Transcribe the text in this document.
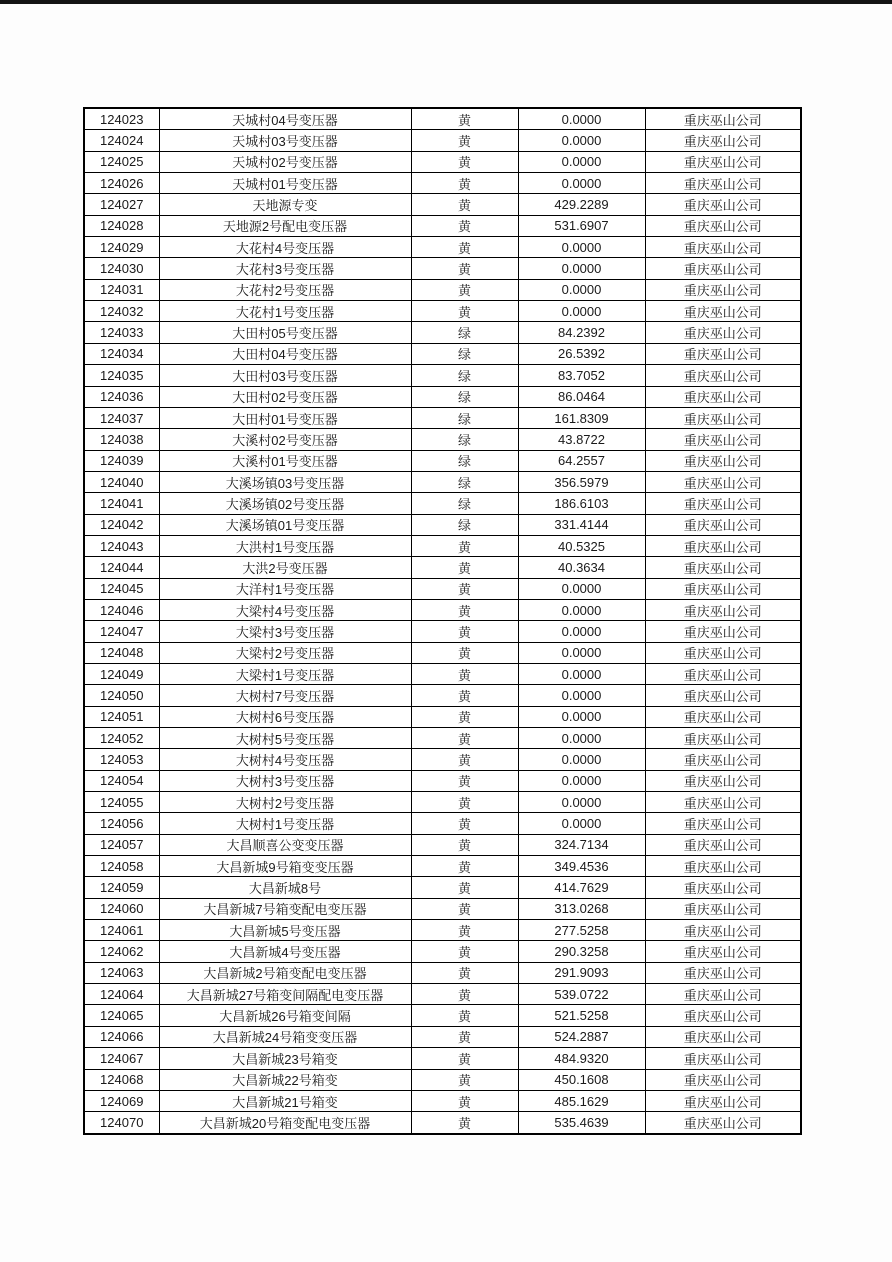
124023	天城村04号变压器	黄	0.0000	重庆巫山公司
124024	天城村03号变压器	黄	0.0000	重庆巫山公司
124025	天城村02号变压器	黄	0.0000	重庆巫山公司
124026	天城村01号变压器	黄	0.0000	重庆巫山公司
124027	天地源专变	黄	429.2289	重庆巫山公司
124028	天地源2号配电变压器	黄	531.6907	重庆巫山公司
124029	大花村4号变压器	黄	0.0000	重庆巫山公司
124030	大花村3号变压器	黄	0.0000	重庆巫山公司
124031	大花村2号变压器	黄	0.0000	重庆巫山公司
124032	大花村1号变压器	黄	0.0000	重庆巫山公司
124033	大田村05号变压器	绿	84.2392	重庆巫山公司
124034	大田村04号变压器	绿	26.5392	重庆巫山公司
124035	大田村03号变压器	绿	83.7052	重庆巫山公司
124036	大田村02号变压器	绿	86.0464	重庆巫山公司
124037	大田村01号变压器	绿	161.8309	重庆巫山公司
124038	大溪村02号变压器	绿	43.8722	重庆巫山公司
124039	大溪村01号变压器	绿	64.2557	重庆巫山公司
124040	大溪场镇03号变压器	绿	356.5979	重庆巫山公司
124041	大溪场镇02号变压器	绿	186.6103	重庆巫山公司
124042	大溪场镇01号变压器	绿	331.4144	重庆巫山公司
124043	大洪村1号变压器	黄	40.5325	重庆巫山公司
124044	大洪2号变压器	黄	40.3634	重庆巫山公司
124045	大洋村1号变压器	黄	0.0000	重庆巫山公司
124046	大梁村4号变压器	黄	0.0000	重庆巫山公司
124047	大梁村3号变压器	黄	0.0000	重庆巫山公司
124048	大梁村2号变压器	黄	0.0000	重庆巫山公司
124049	大梁村1号变压器	黄	0.0000	重庆巫山公司
124050	大树村7号变压器	黄	0.0000	重庆巫山公司
124051	大树村6号变压器	黄	0.0000	重庆巫山公司
124052	大树村5号变压器	黄	0.0000	重庆巫山公司
124053	大树村4号变压器	黄	0.0000	重庆巫山公司
124054	大树村3号变压器	黄	0.0000	重庆巫山公司
124055	大树村2号变压器	黄	0.0000	重庆巫山公司
124056	大树村1号变压器	黄	0.0000	重庆巫山公司
124057	大昌顺喜公变变压器	黄	324.7134	重庆巫山公司
124058	大昌新城9号箱变变压器	黄	349.4536	重庆巫山公司
124059	大昌新城8号	黄	414.7629	重庆巫山公司
124060	大昌新城7号箱变配电变压器	黄	313.0268	重庆巫山公司
124061	大昌新城5号变压器	黄	277.5258	重庆巫山公司
124062	大昌新城4号变压器	黄	290.3258	重庆巫山公司
124063	大昌新城2号箱变配电变压器	黄	291.9093	重庆巫山公司
124064	大昌新城27号箱变间隔配电变压器	黄	539.0722	重庆巫山公司
124065	大昌新城26号箱变间隔	黄	521.5258	重庆巫山公司
124066	大昌新城24号箱变变压器	黄	524.2887	重庆巫山公司
124067	大昌新城23号箱变	黄	484.9320	重庆巫山公司
124068	大昌新城22号箱变	黄	450.1608	重庆巫山公司
124069	大昌新城21号箱变	黄	485.1629	重庆巫山公司
124070	大昌新城20号箱变配电变压器	黄	535.4639	重庆巫山公司
